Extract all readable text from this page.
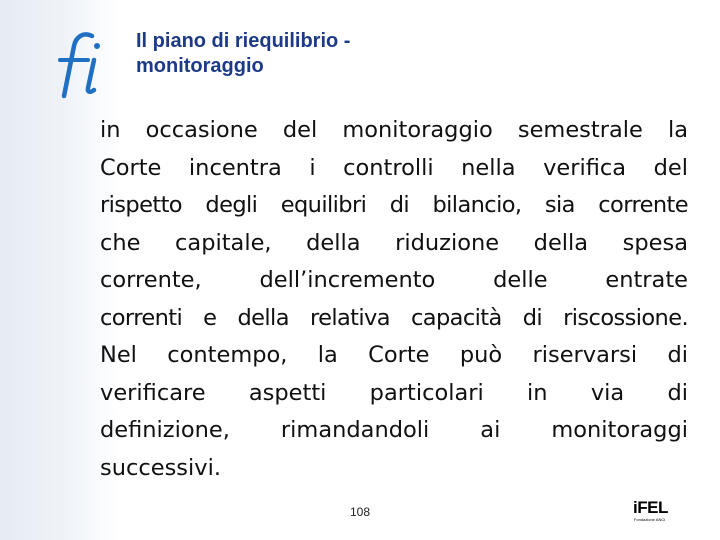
Il piano di riequilibrio - monitoraggio
in occasione del monitoraggio semestrale la
Corte incentra i controlli nella verifica del
rispetto degli equilibri di bilancio, sia corrente
che capitale, della riduzione della spesa
corrente, dell’incremento delle entrate
correnti e della relativa capacità di riscossione.
Nel contempo, la Corte può riservarsi di
verificare aspetti particolari in via di
definizione, rimandandoli ai monitoraggi
successivi.
108	iFEL
Fondazione ANCI
